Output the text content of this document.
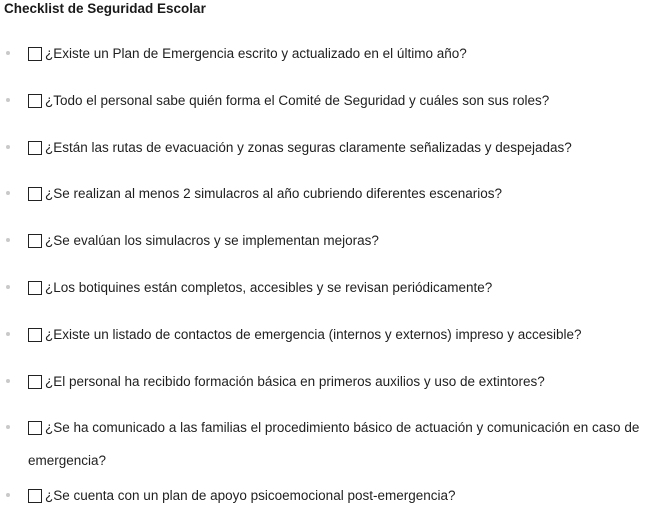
Checklist de Seguridad Escolar
¿Existe un Plan de Emergencia escrito y actualizado en el último año?
¿Todo el personal sabe quién forma el Comité de Seguridad y cuáles son sus roles?
¿Están las rutas de evacuación y zonas seguras claramente señalizadas y despejadas?
¿Se realizan al menos 2 simulacros al año cubriendo diferentes escenarios?
¿Se evalúan los simulacros y se implementan mejoras?
¿Los botiquines están completos, accesibles y se revisan periódicamente?
¿Existe un listado de contactos de emergencia (internos y externos) impreso y accesible?
¿El personal ha recibido formación básica en primeros auxilios y uso de extintores?
¿Se ha comunicado a las familias el procedimiento básico de actuación y comunicación en caso de
emergencia?
¿Se cuenta con un plan de apoyo psicoemocional post-emergencia?
